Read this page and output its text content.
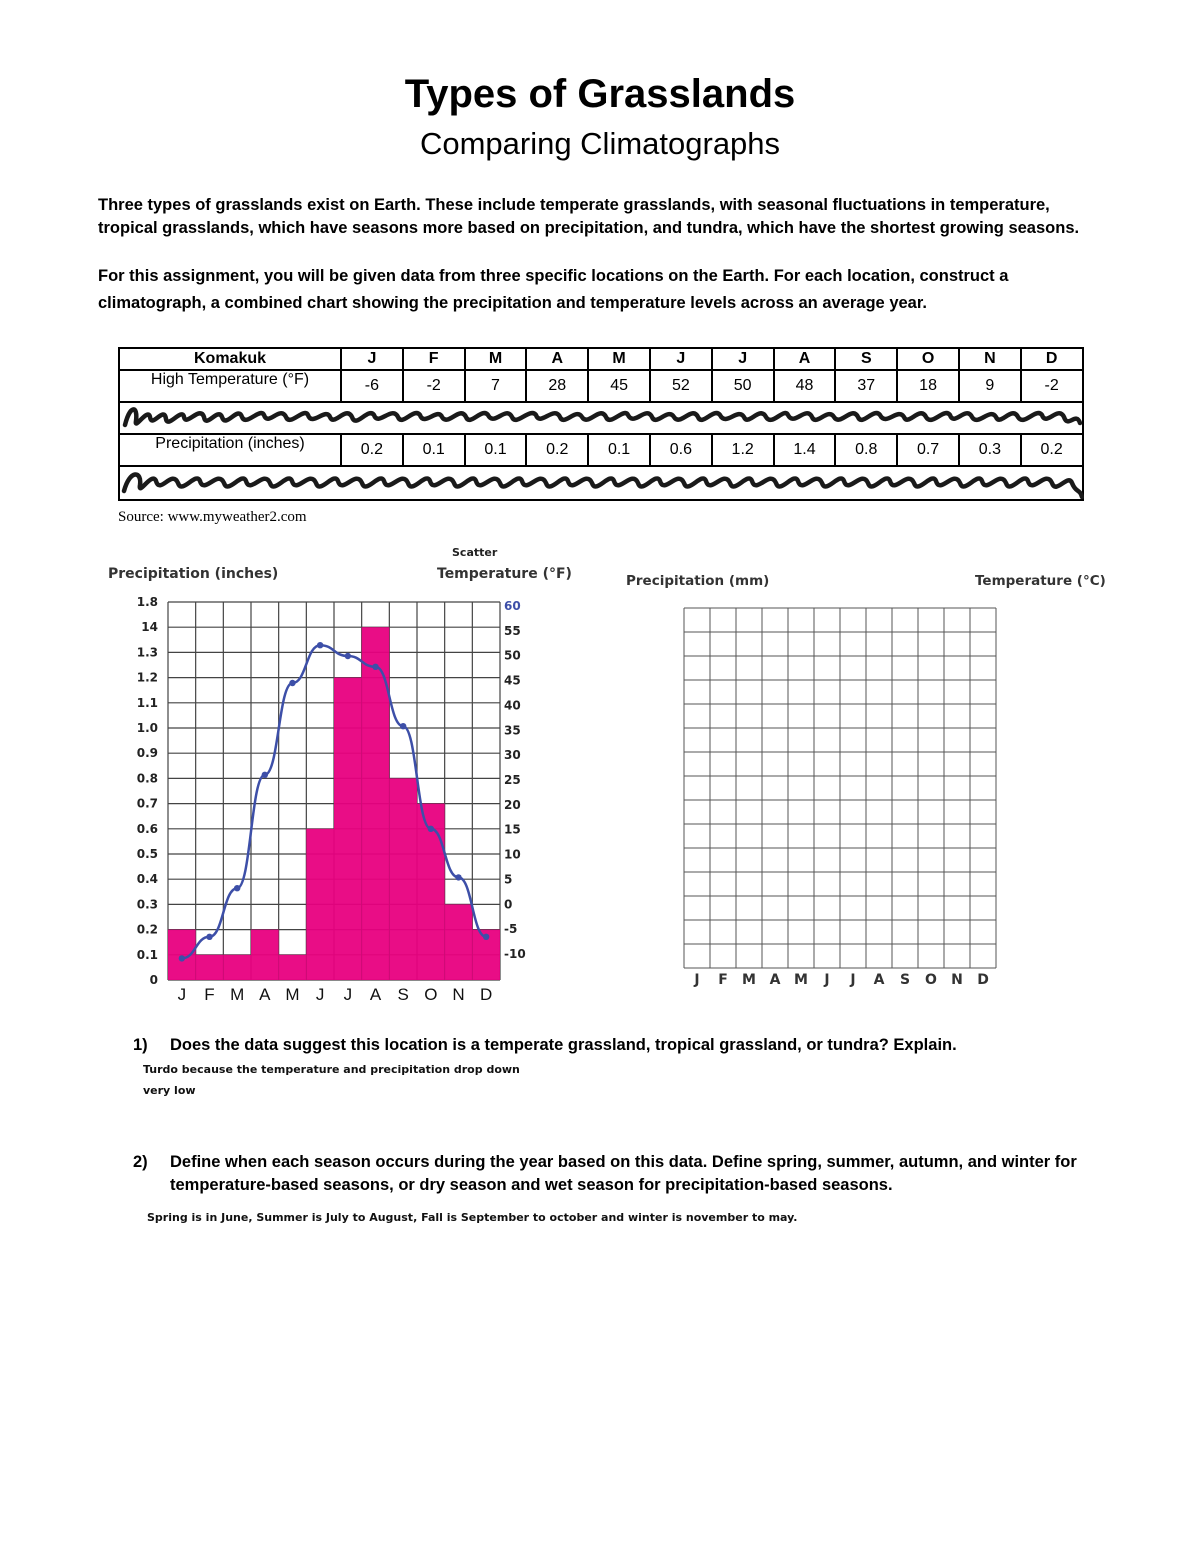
Types of Grasslands
Comparing Climatographs
Three types of grasslands exist on Earth. These include temperate grasslands, with seasonal fluctuations in temperature,
tropical grasslands, which have seasons more based on precipitation, and tundra, which have the shortest growing seasons.
For this assignment, you will be given data from three specific locations on the Earth. For each location, construct a
climatograph, a combined chart showing the precipitation and temperature levels across an average year.
Komakuk	J	F	M	A	M	J	J	A	S	O	N	D
High Temperature (°F)	-6	-2	7	28	45	52	50	48	37	18	9	-2

Precipitation (inches)	0.2	0.1	0.1	0.2	0.1	0.6	1.2	1.4	0.8	0.7	0.3	0.2

Source: www.myweather2.com
Precipitation (inches)
Scatter
Temperature (°F)
0
0.1
0.2
0.3
0.4
0.5
0.6
0.7
0.8
0.9
1.0
1.1
1.2
1.3
14
1.8
-10
-5
0
5
10
15
20
25
30
35
40
45
50
55
60
J F M A M J J A S O N D
Precipitation (mm)	Temperature (°C)
J F M A M J J A S O N D
1) Does the data suggest this location is a temperate grassland, tropical grassland, or tundra? Explain.
Turdo because the temperature and precipitation drop down
very low
2) Define when each season occurs during the year based on this data. Define spring, summer, autumn, and winter for
temperature-based seasons, or dry season and wet season for precipitation-based seasons.
Spring is in June, Summer is July to August, Fall is September to october and winter is november to may.
